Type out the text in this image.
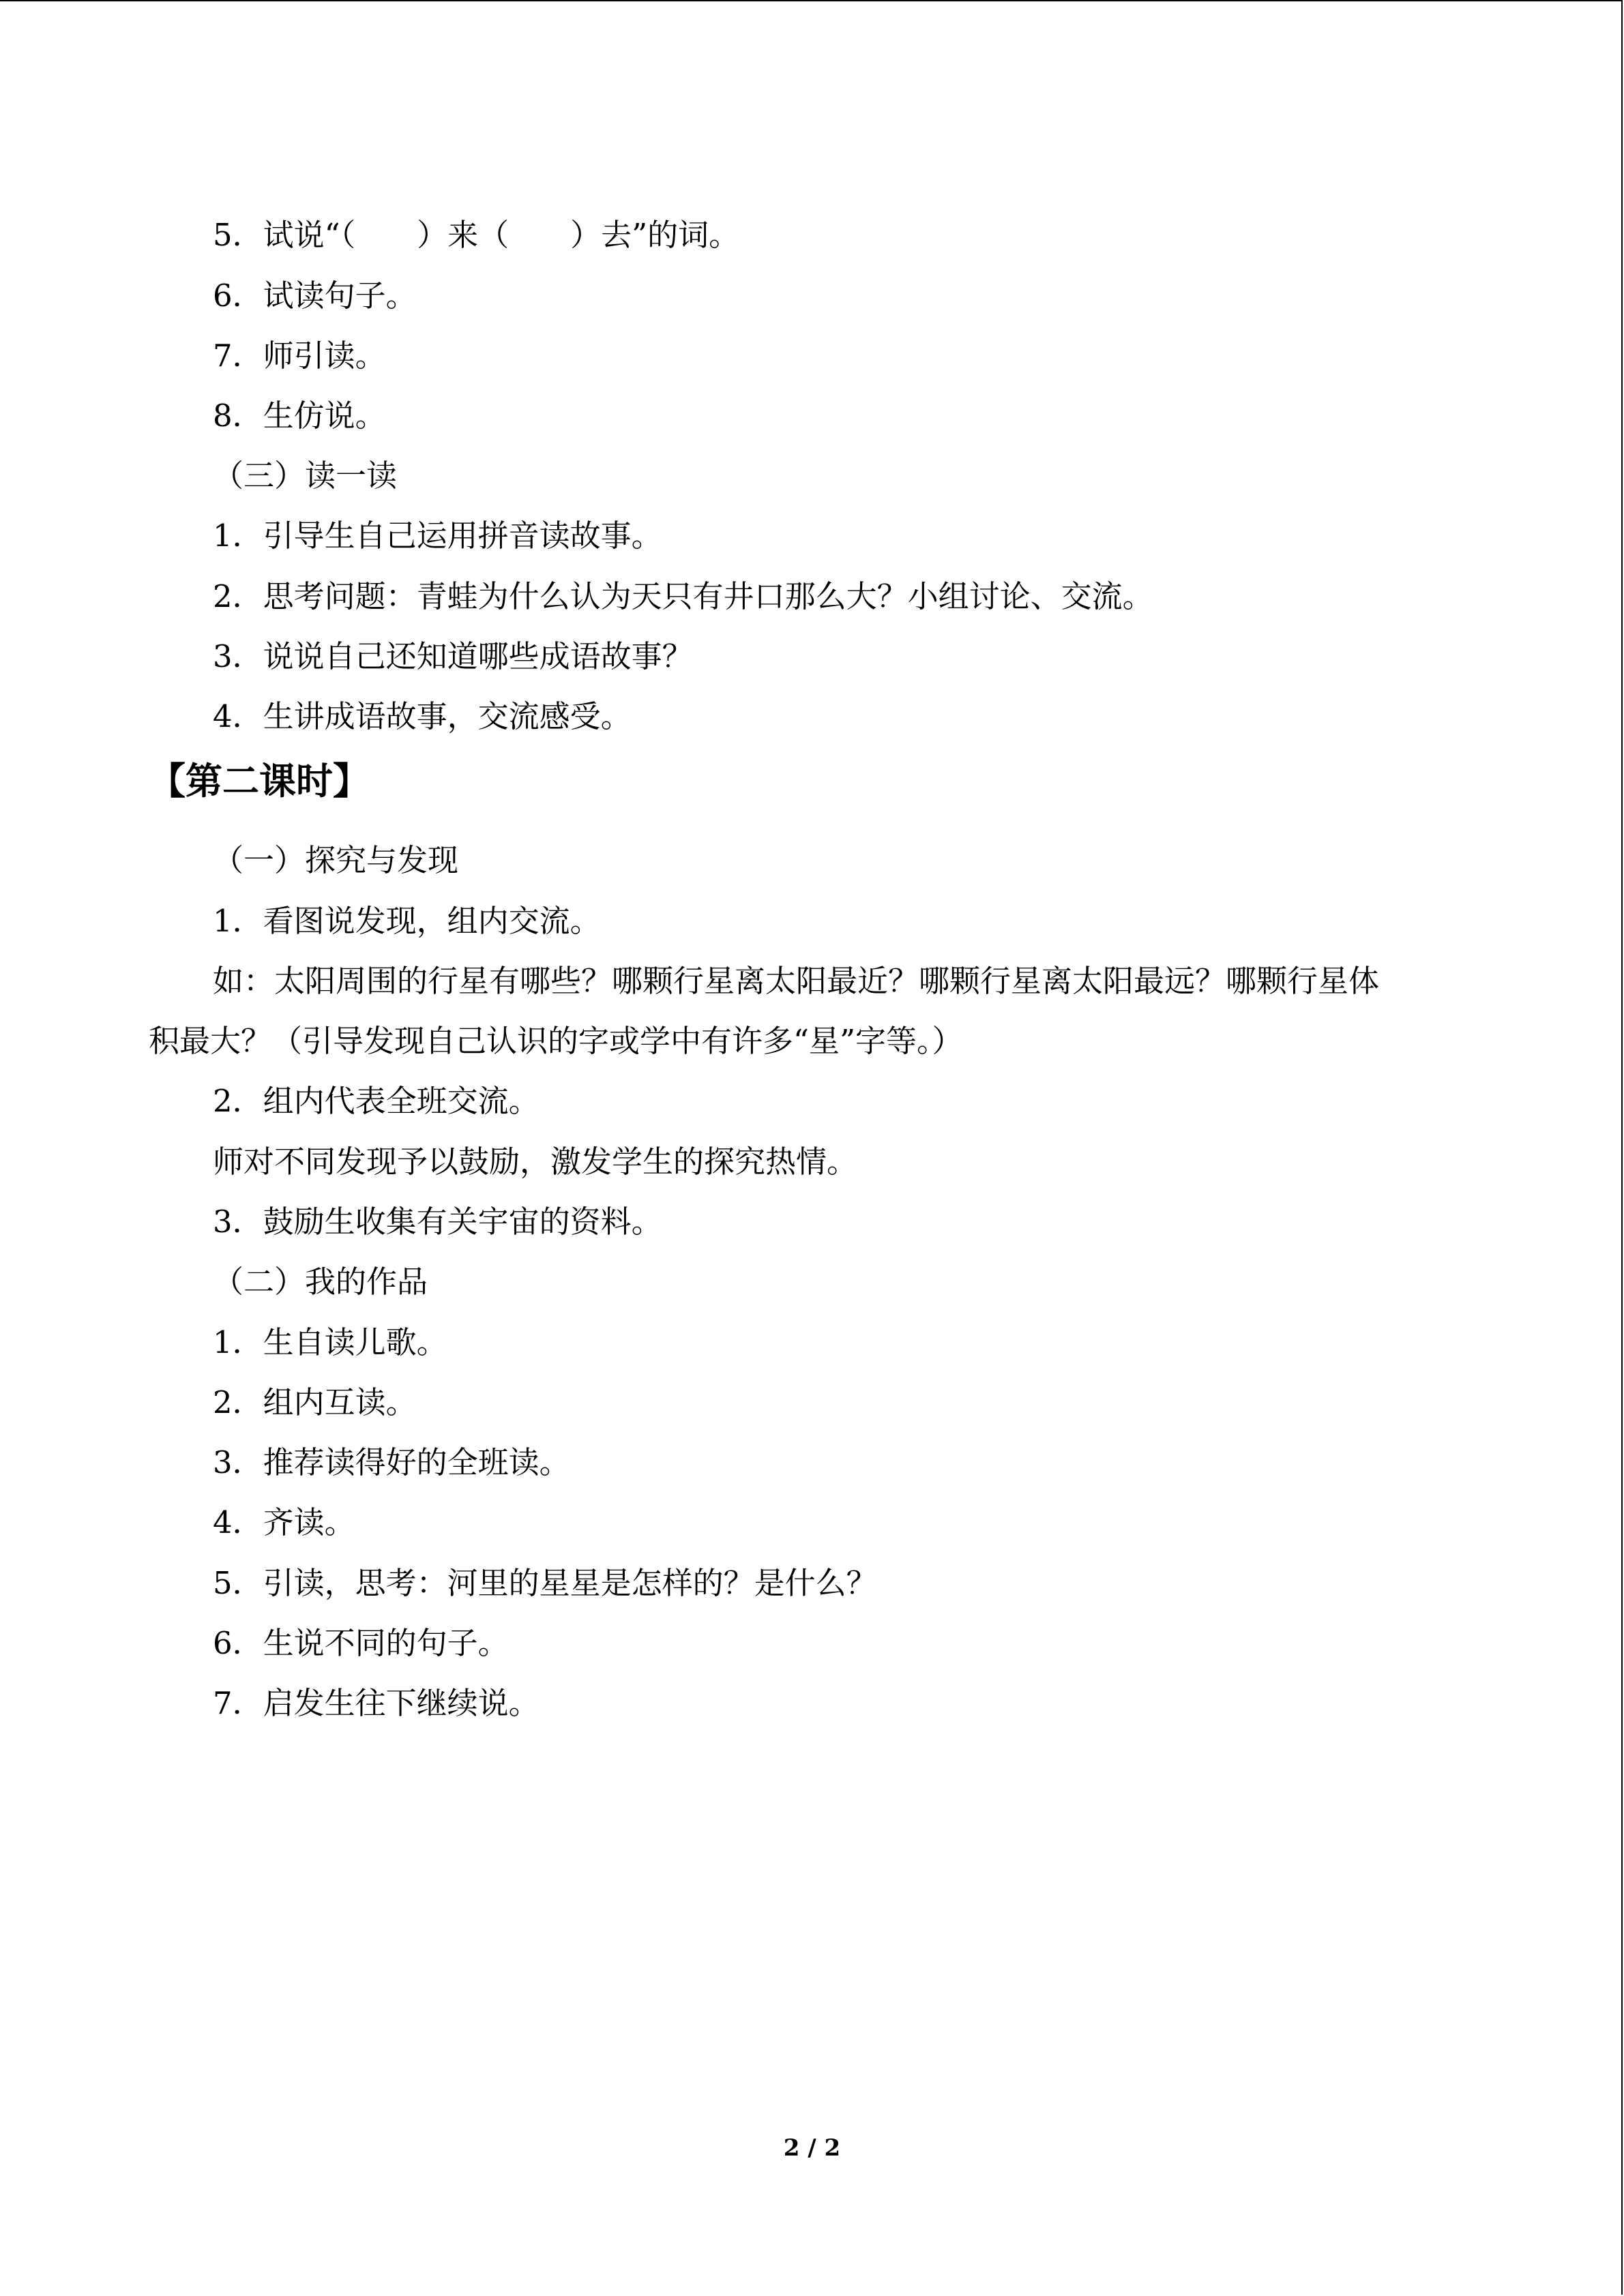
5．试说“（　　）来（　　）去”的词。
6．试读句子。
7．师引读。
8．生仿说。
（三）读一读
1．引导生自己运用拼音读故事。
2．思考问题：青蛙为什么认为天只有井口那么大？小组讨论、交流。
3．说说自己还知道哪些成语故事？
4．生讲成语故事，交流感受。
【第二课时】
（一）探究与发现
1．看图说发现，组内交流。
如：太阳周围的行星有哪些？哪颗行星离太阳最近？哪颗行星离太阳最远？哪颗行星体
积最大？（引导发现自己认识的字或学中有许多“星”字等。）
2．组内代表全班交流。
师对不同发现予以鼓励，激发学生的探究热情。
3．鼓励生收集有关宇宙的资料。
（二）我的作品
1．生自读儿歌。
2．组内互读。
3．推荐读得好的全班读。
4．齐读。
5．引读，思考：河里的星星是怎样的？是什么？
6．生说不同的句子。
7．启发生往下继续说。
2 / 2
